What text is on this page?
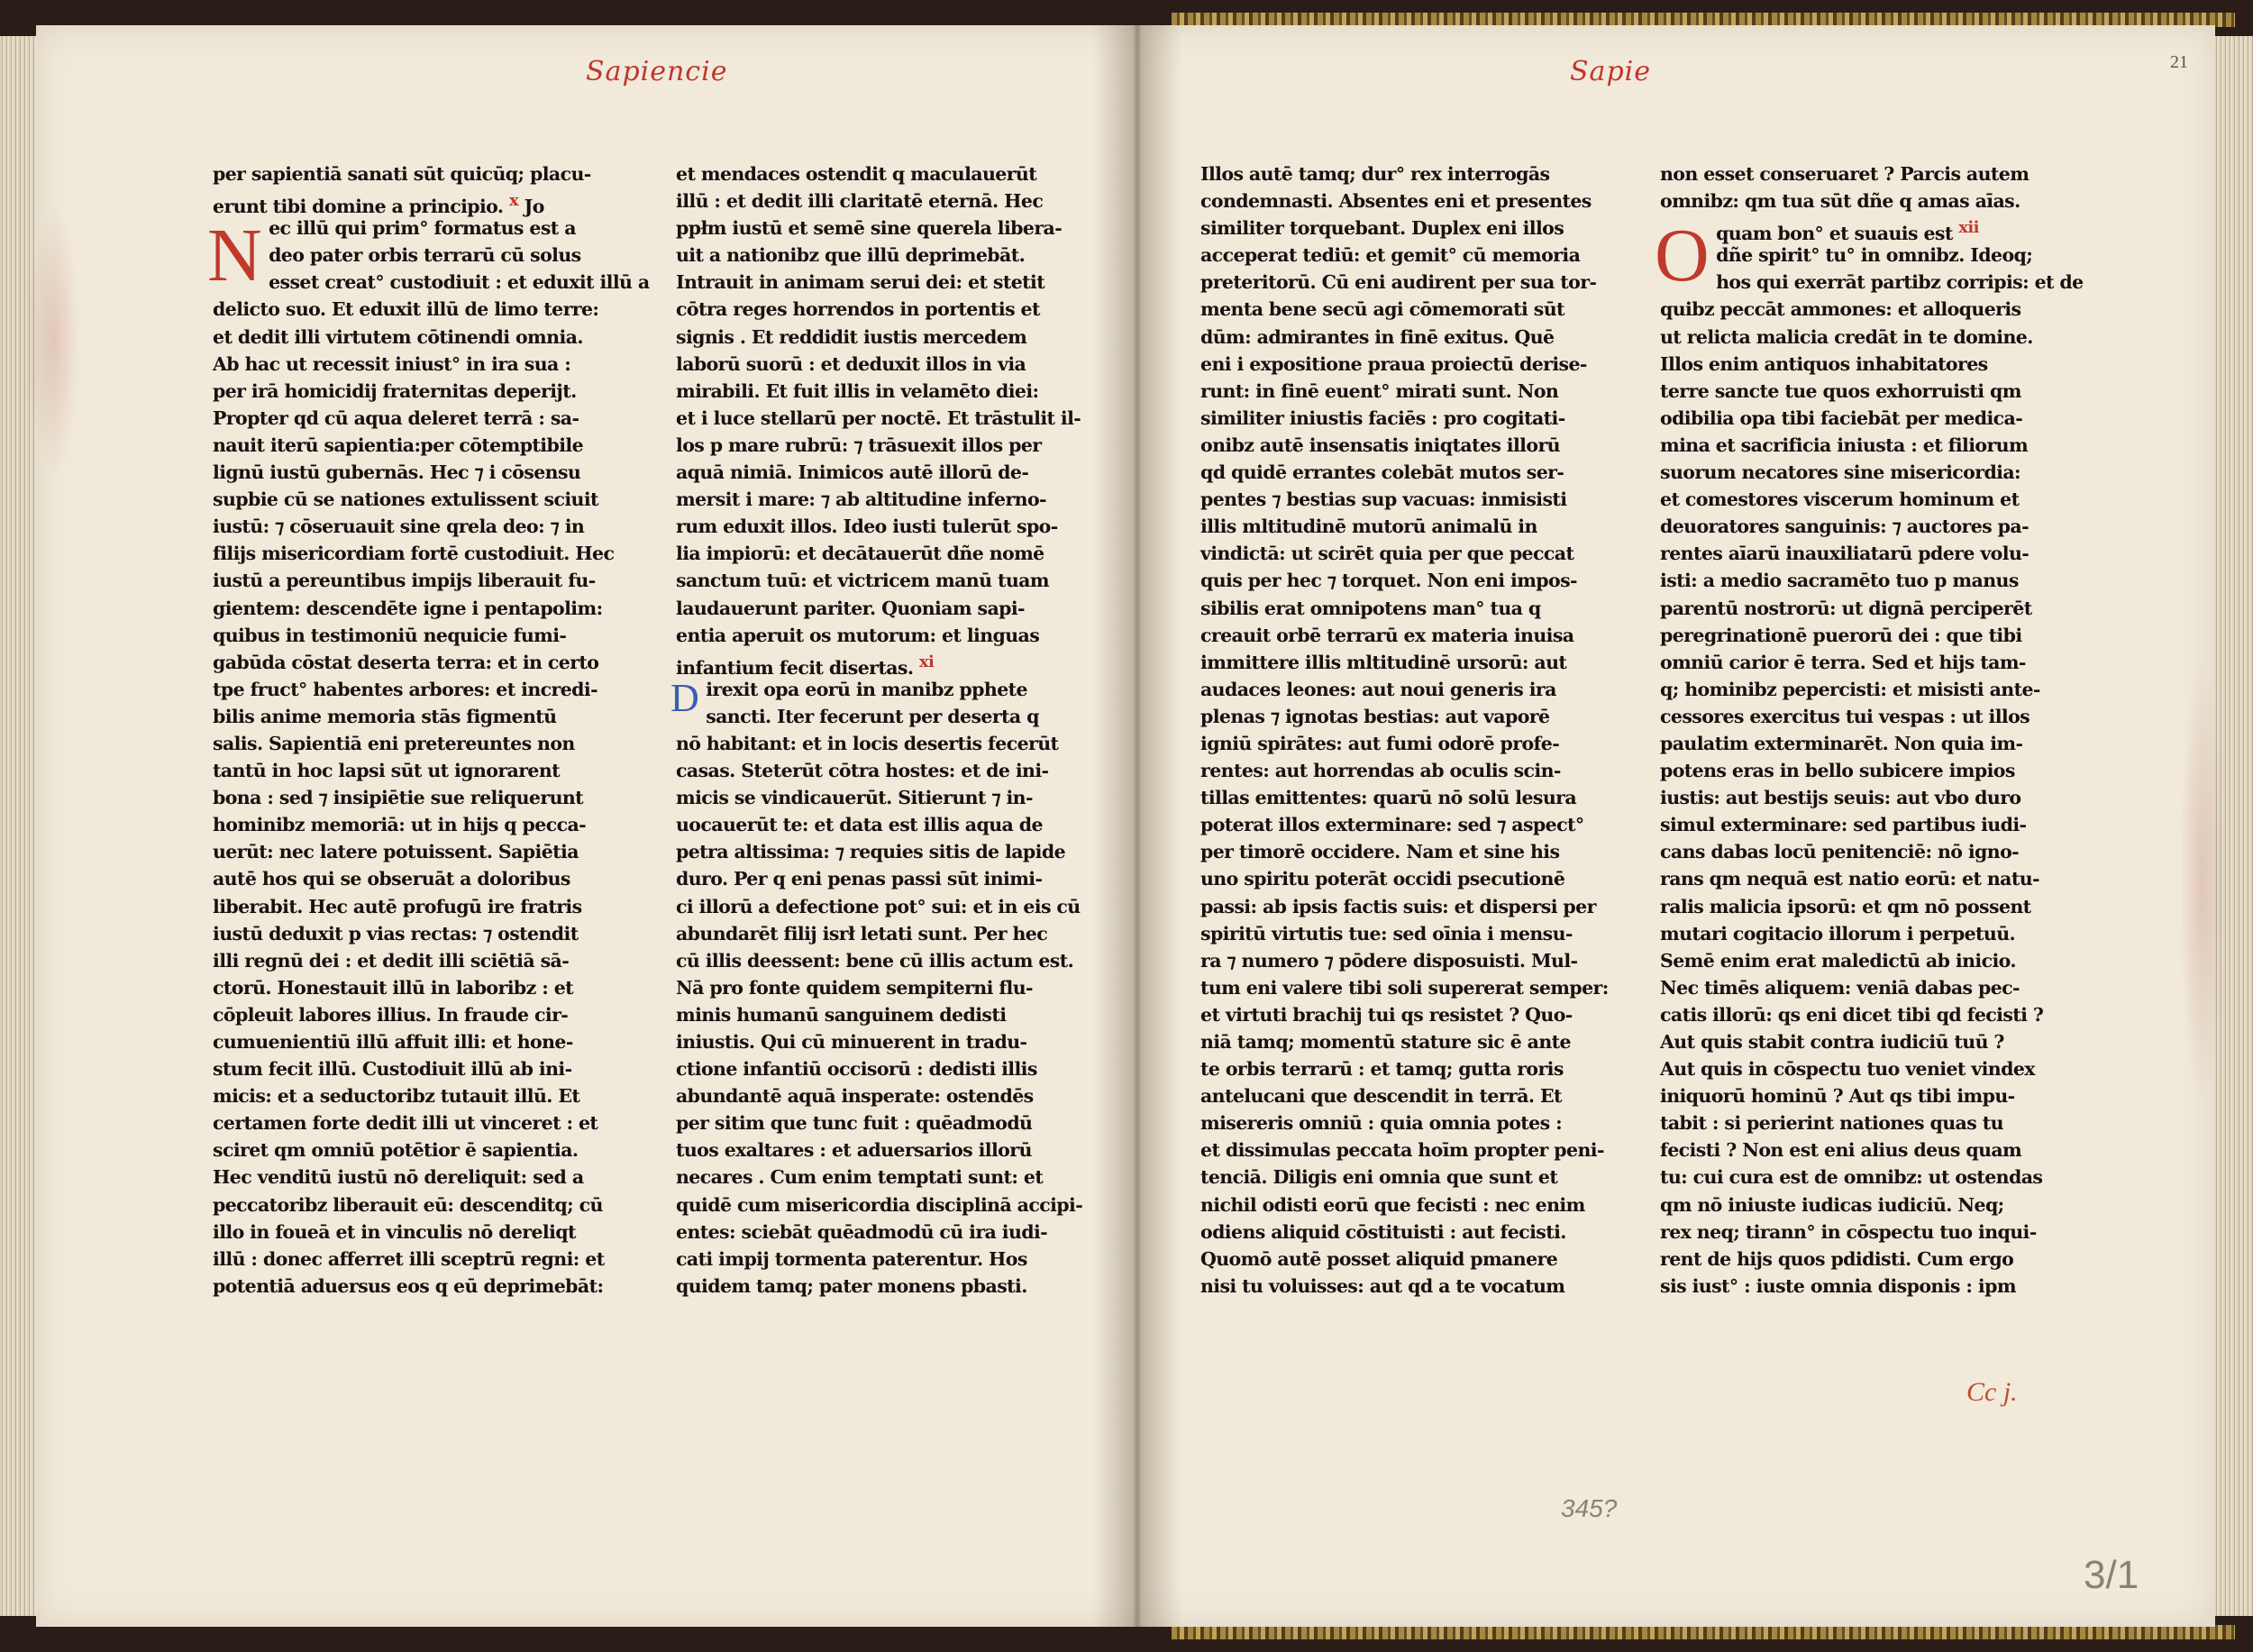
Sapiencie
per sapientiā sanati sūt quicūq; placu-
erunt tibi domine a principio. x Jo
N ec illū qui prim° formatus est a
deo pater orbis terrarū cū solus
esset creat° custodiuit : et eduxit illū a
delicto suo. Et eduxit illū de limo terre:
et dedit illi virtutem cōtinendi omnia.
Ab hac ut recessit iniust° in ira sua :
per irā homicidij fraternitas deperijt.
Propter qd cū aqua deleret terrā : sa-
nauit iterū sapientia:per cōtemptibile
lignū iustū gubernās. Hec ⁊ i cōsensu
supbie cū se nationes extulissent sciuit
iustū: ⁊ cōseruauit sine qrela deo: ⁊ in
filijs misericordiam fortē custodiuit. Hec
iustū a pereuntibus impijs liberauit fu-
gientem: descendēte igne i pentapolim:
quibus in testimoniū nequicie fumi-
gabūda cōstat deserta terra: et in certo
tpe fruct° habentes arbores: et incredi-
bilis anime memoria stās figmentū
salis. Sapientiā eni pretereuntes non
tantū in hoc lapsi sūt ut ignorarent
bona : sed ⁊ insipiētie sue reliquerunt
hominibz memoriā: ut in hijs q pecca-
uerūt: nec latere potuissent. Sapiētia
autē hos qui se obseruāt a doloribus
liberabit. Hec autē profugū ire fratris
iustū deduxit p vias rectas: ⁊ ostendit
illi regnū dei : et dedit illi sciētiā sā-
ctorū. Honestauit illū in laboribz : et
cōpleuit labores illius. In fraude cir-
cumuenientiū illū affuit illi: et hone-
stum fecit illū. Custodiuit illū ab ini-
micis: et a seductoribz tutauit illū. Et
certamen forte dedit illi ut vinceret : et
sciret qm omniū potētior ē sapientia.
Hec venditū iustū nō dereliquit: sed a
peccatoribz liberauit eū: descenditq; cū
illo in foueā et in vinculis nō dereliqt
illū : donec afferret illi sceptrū regni: et
potentiā aduersus eos q eū deprimebāt:
et mendaces ostendit q maculauerūt
illū : et dedit illi claritatē eternā. Hec
ppłm iustū et semē sine querela libera-
uit a nationibz que illū deprimebāt.
Intrauit in animam serui dei: et stetit
cōtra reges horrendos in portentis et
signis . Et reddidit iustis mercedem
laborū suorū : et deduxit illos in via
mirabili. Et fuit illis in velamēto diei:
et i luce stellarū per noctē. Et trāstulit il-
los p mare rubrū: ⁊ trāsuexit illos per
aquā nimiā. Inimicos autē illorū de-
mersit i mare: ⁊ ab altitudine inferno-
rum eduxit illos. Ideo iusti tulerūt spo-
lia impiorū: et decātauerūt dñe nomē
sanctum tuū: et victricem manū tuam
laudauerunt pariter. Quoniam sapi-
entia aperuit os mutorum: et linguas
infantium fecit disertas. xi
D irexit opa eorū in manibz pphete
sancti. Iter fecerunt per deserta q
nō habitant: et in locis desertis fecerūt
casas. Steterūt cōtra hostes: et de ini-
micis se vindicauerūt. Sitierunt ⁊ in-
uocauerūt te: et data est illis aqua de
petra altissima: ⁊ requies sitis de lapide
duro. Per q eni penas passi sūt inimi-
ci illorū a defectione pot° sui: et in eis cū
abundarēt filij isrł letati sunt. Per hec
cū illis deessent: bene cū illis actum est.
Nā pro fonte quidem sempiterni flu-
minis humanū sanguinem dedisti
iniustis. Qui cū minuerent in tradu-
ctione infantiū occisorū : dedisti illis
abundantē aquā insperate: ostendēs
per sitim que tunc fuit : quēadmodū
tuos exaltares : et aduersarios illorū
necares . Cum enim temptati sunt: et
quidē cum misericordia disciplinā accipi-
entes: sciebāt quēadmodū cū ira iudi-
cati impij tormenta paterentur. Hos
quidem tamq; pater monens pbasti.
Sapie	21
Illos autē tamq; dur° rex interrogās
condemnasti. Absentes eni et presentes
similiter torquebant. Duplex eni illos
acceperat tediū: et gemit° cū memoria
preteritorū. Cū eni audirent per sua tor-
menta bene secū agi cōmemorati sūt
dūm: admirantes in finē exitus. Quē
eni i expositione praua proiectū derise-
runt: in finē euent° mirati sunt. Non
similiter iniustis faciēs : pro cogitati-
onibz autē insensatis iniqtates illorū
qd quidē errantes colebāt mutos ser-
pentes ⁊ bestias sup vacuas: inmisisti
illis mltitudinē mutorū animalū in
vindictā: ut scirēt quia per que peccat
quis per hec ⁊ torquet. Non eni impos-
sibilis erat omnipotens man° tua q
creauit orbē terrarū ex materia inuisa
immittere illis mltitudinē ursorū: aut
audaces leones: aut noui generis ira
plenas ⁊ ignotas bestias: aut vaporē
igniū spirātes: aut fumi odorē profe-
rentes: aut horrendas ab oculis scin-
tillas emittentes: quarū nō solū lesura
poterat illos exterminare: sed ⁊ aspect°
per timorē occidere. Nam et sine his
uno spiritu poterāt occidi psecutionē
passi: ab ipsis factis suis: et dispersi per
spiritū virtutis tue: sed oīnia i mensu-
ra ⁊ numero ⁊ pōdere disposuisti. Mul-
tum eni valere tibi soli supererat semper:
et virtuti brachij tui qs resistet ? Quo-
niā tamq; momentū stature sic ē ante
te orbis terrarū : et tamq; gutta roris
antelucani que descendit in terrā. Et
misereris omniū : quia omnia potes :
et dissimulas peccata hoīm propter peni-
tenciā. Diligis eni omnia que sunt et
nichil odisti eorū que fecisti : nec enim
odiens aliquid cōstituisti : aut fecisti.
Quomō autē posset aliquid pmanere
nisi tu voluisses: aut qd a te vocatum
non esset conseruaret ? Parcis autem
omnibz: qm tua sūt dñe q amas aīas.
O quam bon° et suauis est xii
dñe spirit° tu° in omnibz. Ideoq;
hos qui exerrāt partibz corripis: et de
quibz peccāt ammones: et alloqueris
ut relicta malicia credāt in te domine.
Illos enim antiquos inhabitatores
terre sancte tue quos exhorruisti qm
odibilia opa tibi faciebāt per medica-
mina et sacrificia iniusta : et filiorum
suorum necatores sine misericordia:
et comestores viscerum hominum et
deuoratores sanguinis: ⁊ auctores pa-
rentes aīarū inauxiliatarū pdere volu-
isti: a medio sacramēto tuo p manus
parentū nostrorū: ut dignā perciperēt
peregrinationē puerorū dei : que tibi
omniū carior ē terra. Sed et hijs tam-
q; hominibz pepercisti: et misisti ante-
cessores exercitus tui vespas : ut illos
paulatim exterminarēt. Non quia im-
potens eras in bello subicere impios
iustis: aut bestijs seuis: aut vbo duro
simul exterminare: sed partibus iudi-
cans dabas locū penitenciē: nō igno-
rans qm nequā est natio eorū: et natu-
ralis malicia ipsorū: et qm nō possent
mutari cogitacio illorum i perpetuū.
Semē enim erat maledictū ab inicio.
Nec timēs aliquem: veniā dabas pec-
catis illorū: qs eni dicet tibi qd fecisti ?
Aut quis stabit contra iudiciū tuū ?
Aut quis in cōspectu tuo veniet vindex
iniquorū hominū ? Aut qs tibi impu-
tabit : si perierint nationes quas tu
fecisti ? Non est eni alius deus quam
tu: cui cura est de omnibz: ut ostendas
qm nō iniuste iudicas iudiciū. Neq;
rex neq; tirann° in cōspectu tuo inqui-
rent de hijs quos pdidisti. Cum ergo
sis iust° : iuste omnia disponis : ipm
Cc j.
345?
3/1
